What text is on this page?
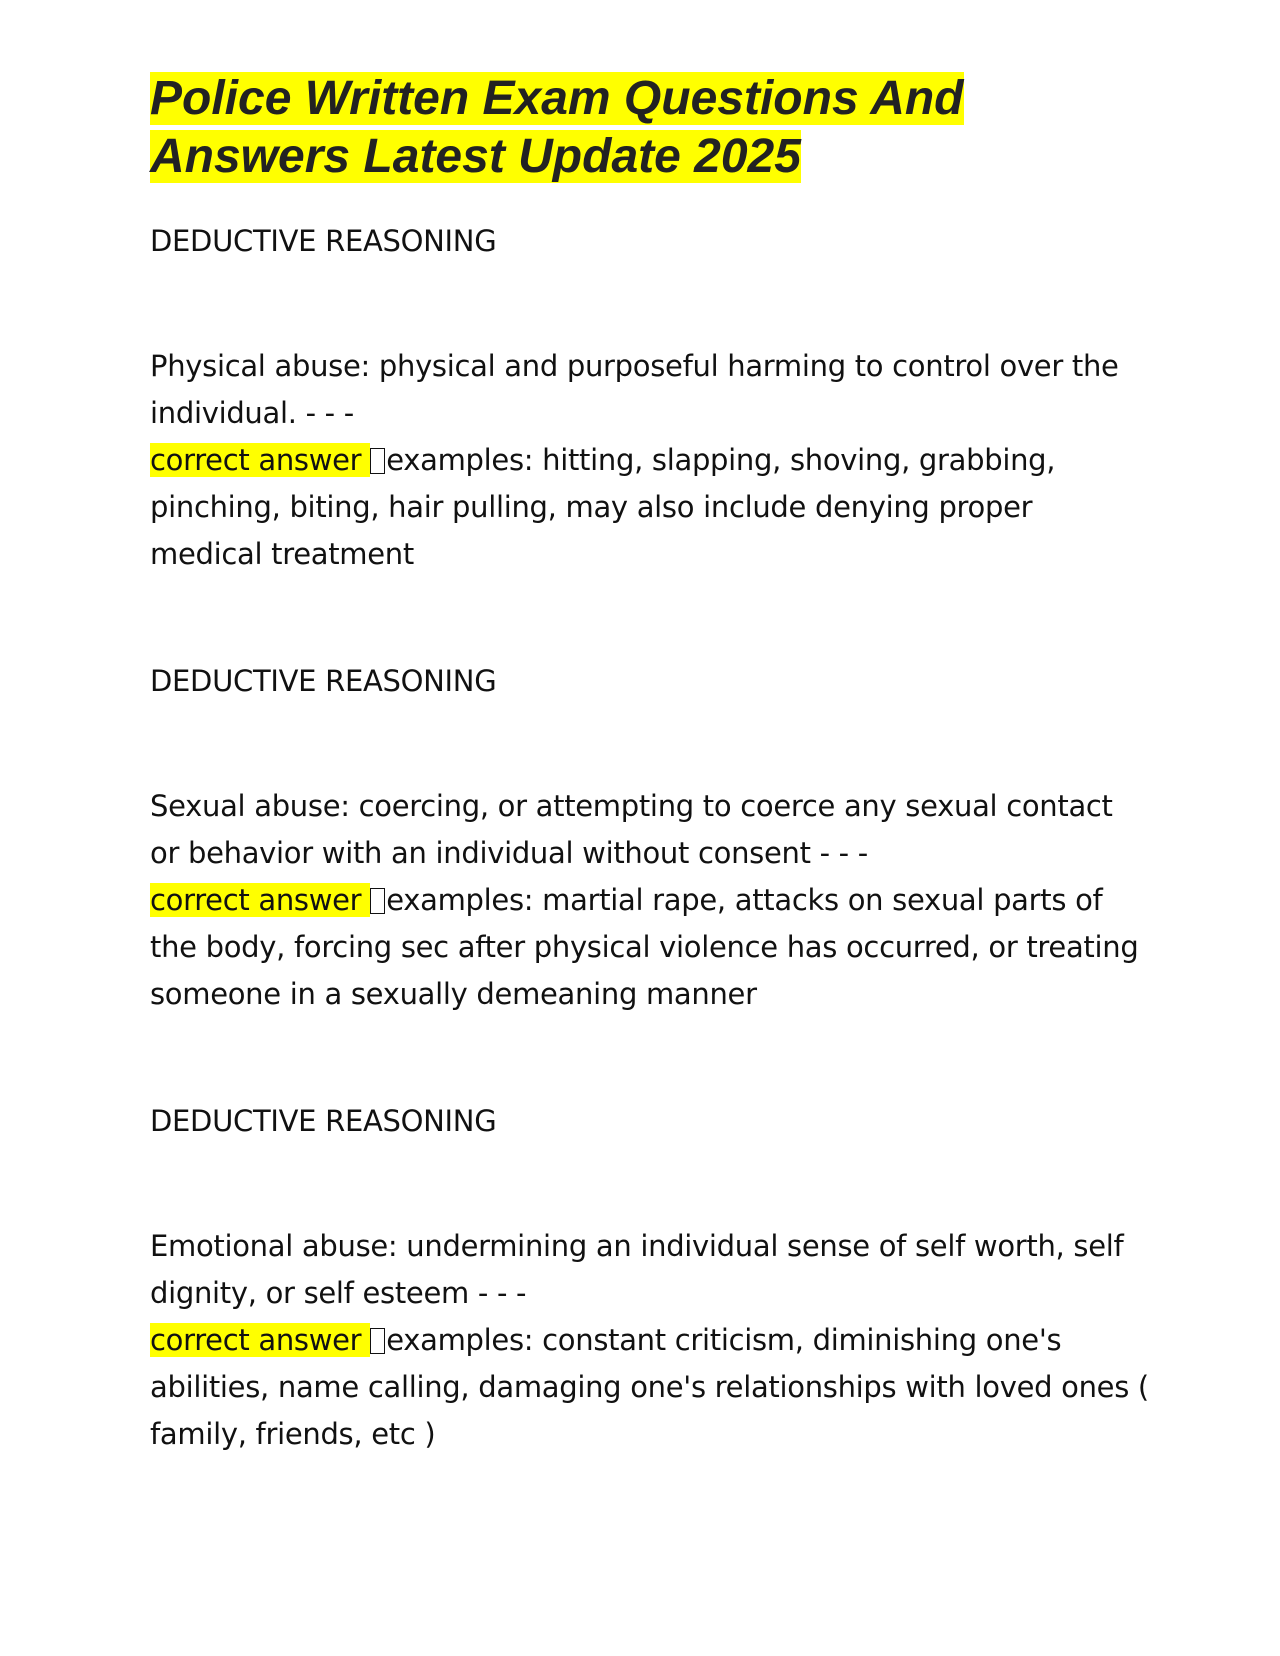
Police Written Exam Questions And Answers Latest Update 2025
DEDUCTIVE REASONING

Physical abuse: physical and purposeful harming to control over the individual. - - -

correct answer examples: hitting, slapping, shoving, grabbing, pinching, biting, hair pulling, may also include denying proper medical treatment

DEDUCTIVE REASONING

Sexual abuse: coercing, or attempting to coerce any sexual contact or behavior with an individual without consent - - -

correct answer examples: martial rape, attacks on sexual parts of the body, forcing sec after physical violence has occurred, or treating someone in a sexually demeaning manner

DEDUCTIVE REASONING

Emotional abuse: undermining an individual sense of self worth, self dignity, or self esteem - - -

correct answer examples: constant criticism, diminishing one's abilities, name calling, damaging one's relationships with loved ones ( family, friends, etc )
